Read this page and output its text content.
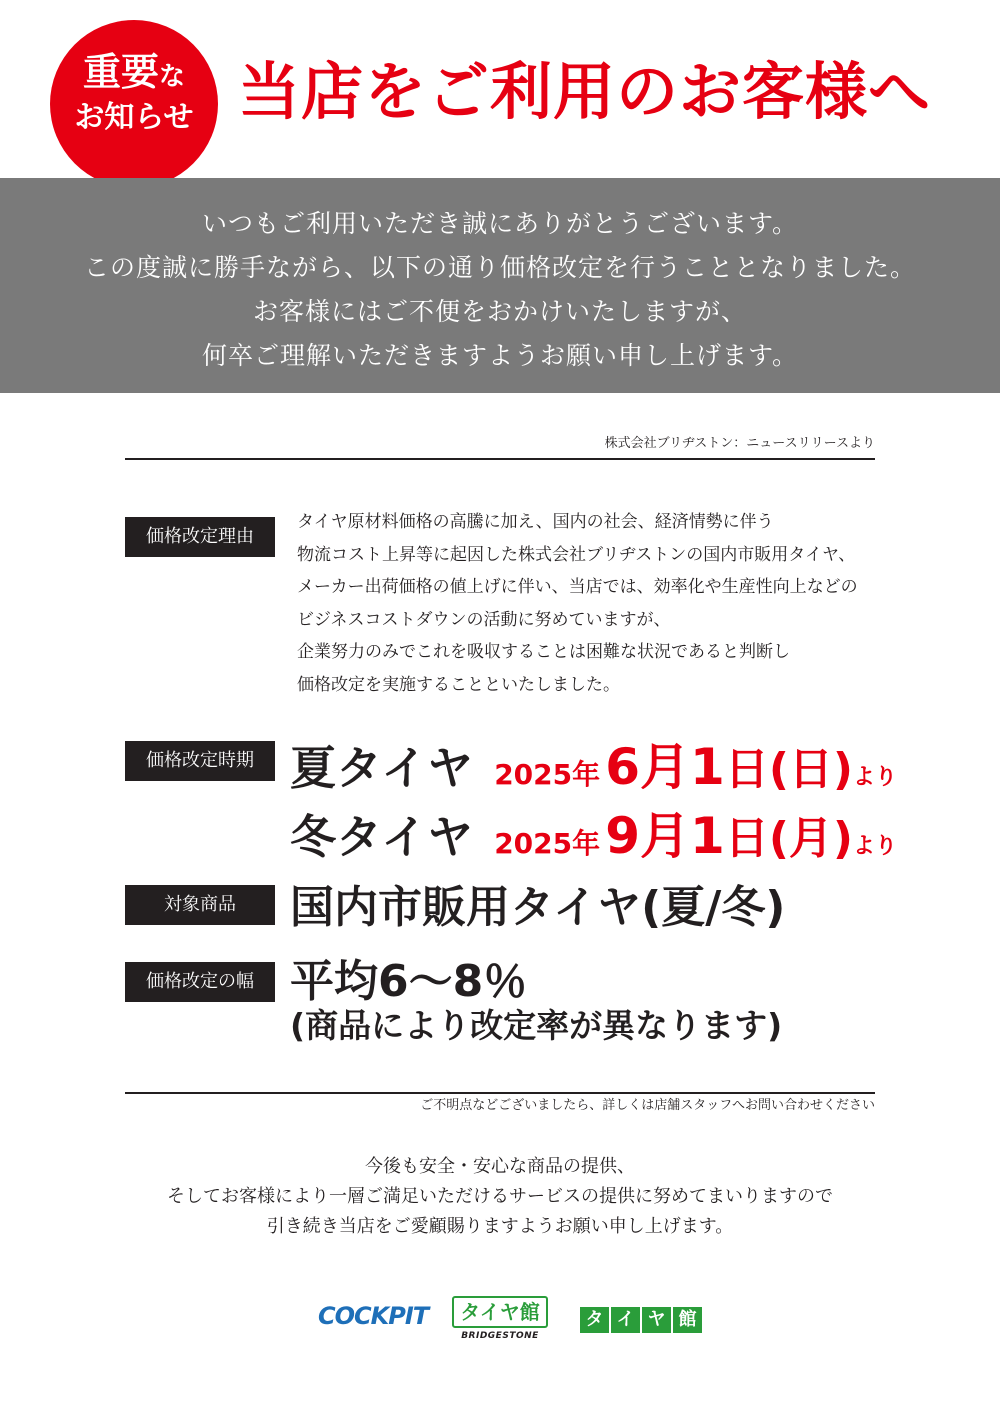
重要な
お知らせ 当店をご利用のお客様へ

いつもご利用いただき誠にありがとうございます。

この度誠に勝手ながら、以下の通り価格改定を行うこととなりました。

お客様にはご不便をおかけいたしますが、

何卒ご理解いただきますようお願い申し上げます。

株式会社ブリヂストン：ニュースリリースより
価格改定理由

タイヤ原材料価格の高騰に加え、国内の社会、経済情勢に伴う

物流コスト上昇等に起因した株式会社ブリヂストンの国内市販用タイヤ、

メーカー出荷価格の値上げに伴い、当店では、効率化や生産性向上などの

ビジネスコストダウンの活動に努めていますが、

企業努力のみでこれを吸収することは困難な状況であると判断し

価格改定を実施することといたしました。

価格改定時期 夏タイヤ 2025年 6月1日(日)より
冬タイヤ 2025年 9月1日(月)より
対象商品	国内市販用タイヤ(夏/冬)
価格改定の幅 平均6～8％
(商品により改定率が異なります)
ご不明点などございましたら、詳しくは店舗スタッフへお問い合わせください

今後も安全・安心な商品の提供、

そしてお客様により一層ご満足いただけるサービスの提供に努めてまいりますので

引き続き当店をご愛顧賜りますようお願い申し上げます。

COCKPIT	タイヤ館
BRIDGESTONE
タ イ ヤ 館
